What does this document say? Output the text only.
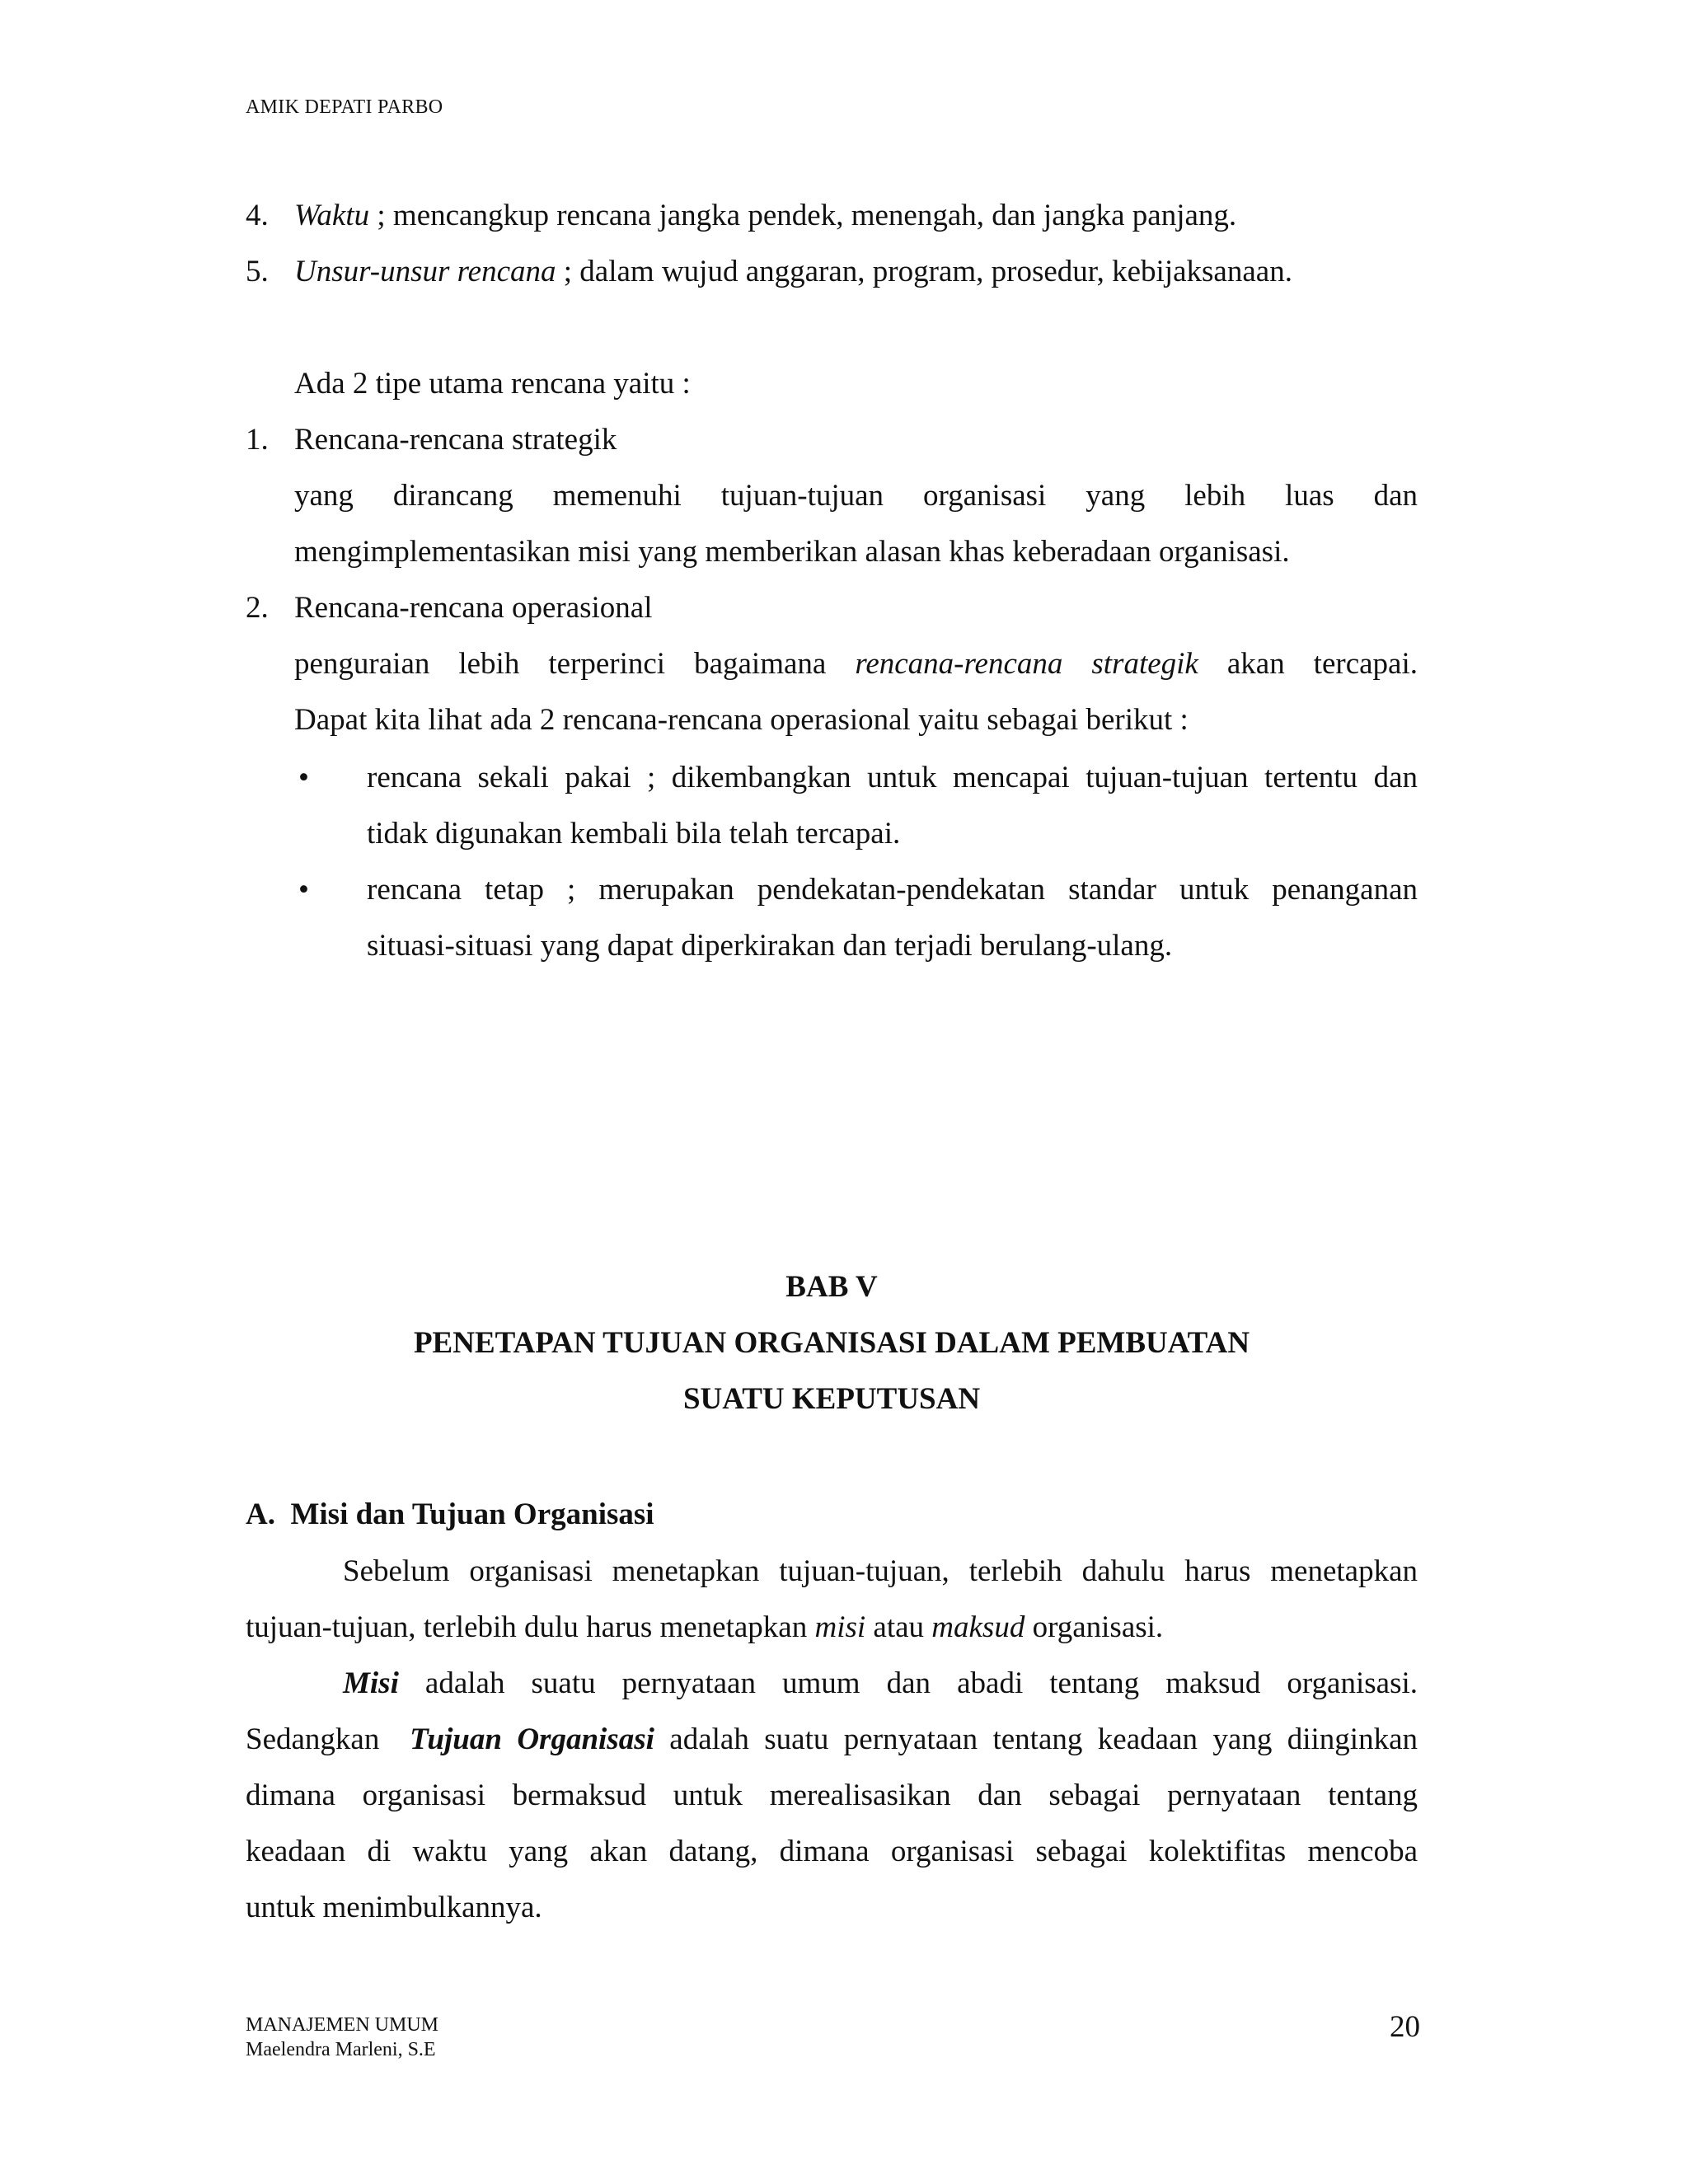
AMIK DEPATI PARBO
4. Waktu ; mencangkup rencana jangka pendek, menengah, dan jangka panjang.
5. Unsur-unsur rencana ; dalam wujud anggaran, program, prosedur, kebijaksanaan.
Ada 2 tipe utama rencana yaitu :
1. Rencana-rencana strategik
yang dirancang memenuhi tujuan-tujuan organisasi yang lebih luas dan
mengimplementasikan misi yang memberikan alasan khas keberadaan organisasi.
2. Rencana-rencana operasional
penguraian lebih terperinci bagaimana rencana-rencana strategik akan tercapai.
Dapat kita lihat ada 2 rencana-rencana operasional yaitu sebagai berikut :
• rencana sekali pakai ; dikembangkan untuk mencapai tujuan-tujuan tertentu dan
tidak digunakan kembali bila telah tercapai.
• rencana tetap ; merupakan pendekatan-pendekatan standar untuk penanganan
situasi-situasi yang dapat diperkirakan dan terjadi berulang-ulang.
BAB V
PENETAPAN TUJUAN ORGANISASI DALAM PEMBUATAN
SUATU KEPUTUSAN
A.  Misi dan Tujuan Organisasi
Sebelum organisasi menetapkan tujuan-tujuan, terlebih dahulu harus menetapkan
tujuan-tujuan, terlebih dulu harus menetapkan misi atau maksud organisasi.
Misi adalah suatu pernyataan umum dan abadi tentang maksud organisasi.
Sedangkan  Tujuan Organisasi adalah suatu pernyataan tentang keadaan yang diinginkan
dimana organisasi bermaksud untuk merealisasikan dan sebagai pernyataan tentang
keadaan di waktu yang akan datang, dimana organisasi sebagai kolektifitas mencoba
untuk menimbulkannya.
MANAJEMEN UMUM
Maelendra Marleni, S.E
20
